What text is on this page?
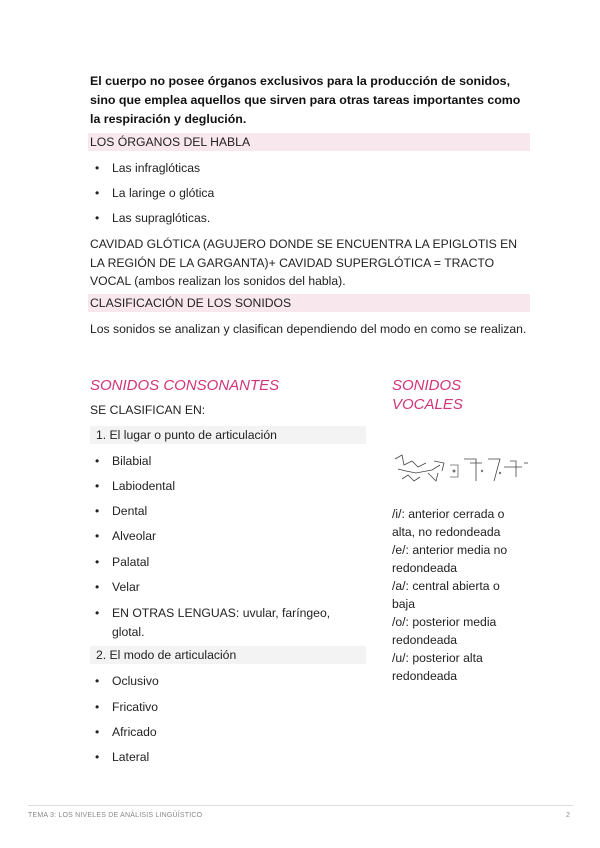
El cuerpo no posee órganos exclusivos para la producción de sonidos, sino que emplea aquellos que sirven para otras tareas importantes como la respiración y deglución.
LOS ÓRGANOS DEL HABLA
• Las infraglóticas
• La laringe o glótica
• Las supraglóticas.
CAVIDAD GLÓTICA (AGUJERO DONDE SE ENCUENTRA LA EPIGLOTIS EN LA REGIÓN DE LA GARGANTA)+ CAVIDAD SUPERGLÓTICA = TRACTO VOCAL (ambos realizan los sonidos del habla).
CLASIFICACIÓN DE LOS SONIDOS
Los sonidos se analizan y clasifican dependiendo del modo en como se realizan.
SONIDOS CONSONANTES
SE CLASIFICAN EN:
1. El lugar o punto de articulación
• Bilabial
• Labiodental
• Dental
• Alveolar
• Palatal
• Velar
• EN OTRAS LENGUAS: uvular, faríngeo, glotal.
2. El modo de articulación
• Oclusivo
• Fricativo
• Africado
• Lateral
SONIDOS VOCALES
/i/: anterior cerrada o
alta, no redondeada
/e/: anterior media no
redondeada
/a/: central abierta o
baja
/o/: posterior media
redondeada
/u/: posterior alta
redondeada
TEMA 3: LOS NIVELES DE ANÁLISIS LINGÜÍSTICO	2
